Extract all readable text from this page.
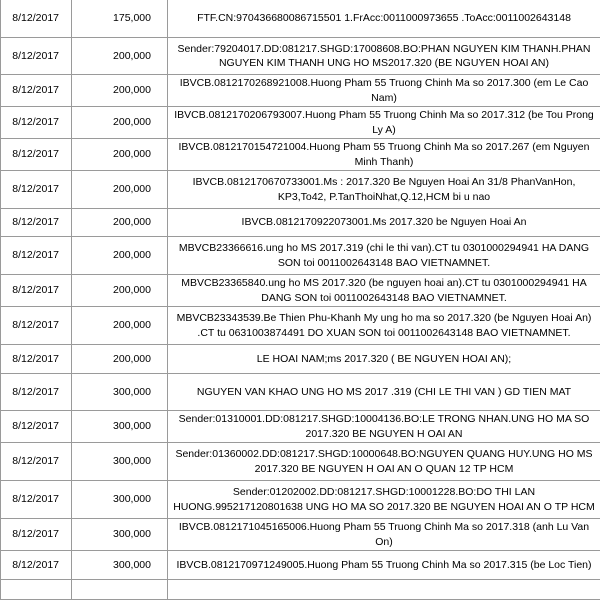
8/12/2017	175,000	FTF.CN:970436680086715501 1.FrAcc:0011000973655 .ToAcc:0011002643148
8/12/2017	200,000	Sender:79204017.DD:081217.SHGD:17008608.BO:PHAN NGUYEN KIM THANH.PHAN NGUYEN KIM THANH UNG HO MS2017.320 (BE NGUYEN HOAI AN)
8/12/2017	200,000	IBVCB.0812170268921008.Huong Pham 55 Truong Chinh Ma so 2017.300 (em Le Cao Nam)
8/12/2017	200,000	IBVCB.0812170206793007.Huong Pham 55 Truong Chinh Ma so 2017.312 (be Tou Prong Ly A)
8/12/2017	200,000	IBVCB.0812170154721004.Huong Pham 55 Truong Chinh Ma so 2017.267 (em Nguyen Minh Thanh)
8/12/2017	200,000	IBVCB.0812170670733001.Ms : 2017.320 Be Nguyen Hoai An 31/8 PhanVanHon, KP3,To42, P.TanThoiNhat,Q.12,HCM bi u nao
8/12/2017	200,000	IBVCB.0812170922073001.Ms 2017.320 be Nguyen Hoai An
8/12/2017	200,000	MBVCB23366616.ung ho MS 2017.319 (chi le thi van).CT tu 0301000294941 HA DANG SON toi 0011002643148 BAO VIETNAMNET.
8/12/2017	200,000	MBVCB23365840.ung ho MS 2017.320 (be nguyen hoai an).CT tu 0301000294941 HA DANG SON toi 0011002643148 BAO VIETNAMNET.
8/12/2017	200,000	MBVCB23343539.Be Thien Phu-Khanh My ung ho ma so 2017.320 (be Nguyen Hoai An) .CT tu 0631003874491 DO XUAN SON toi 0011002643148 BAO VIETNAMNET.
8/12/2017	200,000	LE HOAI NAM;ms 2017.320 ( BE NGUYEN HOAI AN);
8/12/2017	300,000	NGUYEN VAN KHAO UNG HO MS 2017 .319 (CHI LE THI VAN ) GD TIEN MAT
8/12/2017	300,000	Sender:01310001.DD:081217.SHGD:10004136.BO:LE TRONG NHAN.UNG HO MA SO 2017.320 BE NGUYEN H OAI AN
8/12/2017	300,000	Sender:01360002.DD:081217.SHGD:10000648.BO:NGUYEN QUANG HUY.UNG HO MS 2017.320 BE NGUYEN H OAI AN O QUAN 12 TP HCM
8/12/2017	300,000	Sender:01202002.DD:081217.SHGD:10001228.BO:DO THI LAN HUONG.995217120801638 UNG HO MA SO 2017.320 BE NGUYEN HOAI AN O TP HCM
8/12/2017	300,000	IBVCB.0812171045165006.Huong Pham 55 Truong Chinh Ma so 2017.318 (anh Lu Van On)
8/12/2017	300,000	IBVCB.0812170971249005.Huong Pham 55 Truong Chinh Ma so 2017.315 (be Loc Tien)
